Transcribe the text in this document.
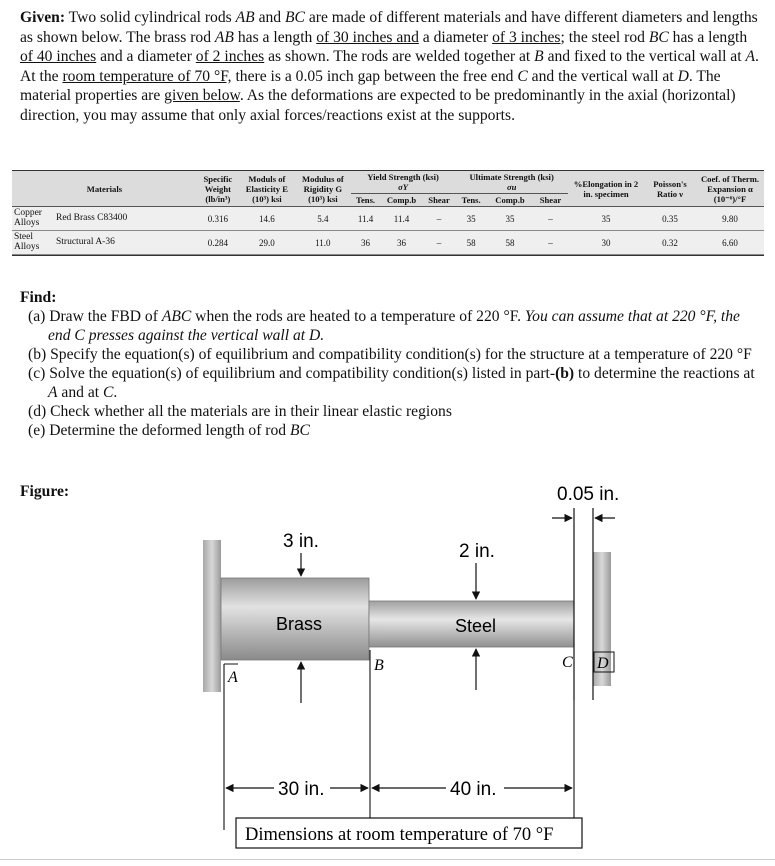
Given: Two solid cylindrical rods AB and BC are made of different materials and have different diameters and lengths as shown below. The brass rod AB has a length of 30 inches and a diameter of 3 inches; the steel rod BC has a length of 40 inches and a diameter of 2 inches as shown. The rods are welded together at B and fixed to the vertical wall at A. At the room temperature of 70 °F, there is a 0.05 inch gap between the free end C and the vertical wall at D. The material properties are given below. As the deformations are expected to be predominantly in the axial (horizontal) direction, you may assume that only axial forces/reactions exist at the supports.
Materials		Specific Weight (lb/in³)	Moduls of Elasticity E (10³) ksi	Modulus of Rigidity G (10³) ksi	Yield Strength (ksi)
σY			Ultimate Strength (ksi)
σu			%Elongation in 2 in. specimen	Poisson's Ratio ν	Coef. of Therm. Expansion α (10⁻⁶)/°F
					Tens.	Comp.b	Shear	Tens.	Comp.b	Shear			
Copper Alloys	Red Brass C83400	0.316	14.6	5.4	11.4	11.4	–	35	35	–	35	0.35	9.80
Steel Alloys	Structural A-36	0.284	29.0	11.0	36	36	–	58	58	–	30	0.32	6.60
Find:
(a) Draw the FBD of ABC when the rods are heated to a temperature of 220 °F. You can assume that at 220 °F, the end C presses against the vertical wall at D.
(b) Specify the equation(s) of equilibrium and compatibility condition(s) for the structure at a temperature of 220 °F
(c) Solve the equation(s) of equilibrium and compatibility condition(s) listed in part-(b) to determine the reactions at A and at C.
(d) Check whether all the materials are in their linear elastic regions
(e) Determine the deformed length of rod BC
Figure:	0.05 in.
3 in.	2 in.
Brass	Steel
A
B	C D
30 in.	40 in.
Dimensions at room temperature of 70 °F
